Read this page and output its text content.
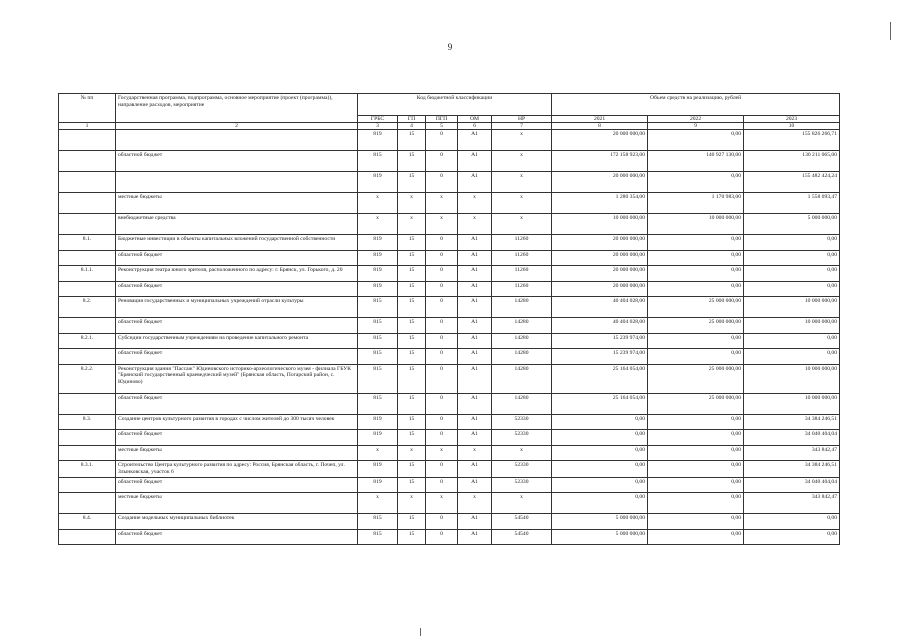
9
№ пп	Государственная программа, подпрограмма, основное мероприятие (проект (программа)), направление расходов, мероприятие	Код бюджетной классификации					Объем средств на реализацию, рублей		
		ГРБС	ГП	ПГП	ОМ	НР	2021	2022	2023
1	2	3	4	5	6	7	8	9	10
		819	15	0	A1	x	20 000 000,00	0,00	155 826 266,71
	областной бюджет	815	15	0	A1	x	172 158 923,00	140 927 130,00	130 211 065,00
		819	15	0	A1	x	20 000 000,00	0,00	155 482 424,24
	местные бюджеты	x	x	x	x	x	1 280 354,00	1 170 983,00	1 558 093,47
	внебюджетные средства	x	x	x	x	x	10 000 000,00	10 000 000,00	5 000 000,00
8.1.	Бюджетные инвестиции в объекты капитальных вложений государственной собственности	819	15	0	A1	11260	20 000 000,00	0,00	0,00
	областной бюджет	819	15	0	A1	11260	20 000 000,00	0,00	0,00
8.1.1.	Реконструкция театра юного зрителя, расположенного по адресу: г. Брянск, ул. Горького, д. 20	819	15	0	A1	11260	20 000 000,00	0,00	0,00
	областной бюджет	819	15	0	A1	11260	20 000 000,00	0,00	0,00
8.2.	Реновация государственных и муниципальных учреждений отрасли культуры	815	15	0	A1	14280	40 404 028,00	25 000 000,00	10 000 000,00
	областной бюджет	815	15	0	A1	14280	40 404 028,00	25 000 000,00	10 000 000,00
8.2.1.	Субсидии государственным учреждениям на проведение капитального ремонта	815	15	0	A1	14280	15 239 974,00	0,00	0,00
	областной бюджет	815	15	0	A1	14280	15 239 974,00	0,00	0,00
8.2.2.	Реконструкция здания "Пассаж" Юдиновского историко-археологического музея - филиала ГБУК "Брянский государственный краеведческий музей" (Брянская область, Погарский район, с. Юдиново)	815	15	0	A1	14280	25 164 054,00	25 000 000,00	10 000 000,00
	областной бюджет	815	15	0	A1	14280	25 164 054,00	25 000 000,00	10 000 000,00
8.3.	Создание центров культурного развития в городах с числом жителей до 300 тысяч человек	819	15	0	A1	52330	0,00	0,00	34 384 246,51
	областной бюджет	819	15	0	A1	52330	0,00	0,00	34 040 404,04
	местные бюджеты	x	x	x	x	x	0,00	0,00	343 842,47
8.3.1.	Строительство Центра культурного развития по адресу: Россия, Брянская область, г. Почеп, ул. Злынковская, участок 6	819	15	0	A1	52330	0,00	0,00	34 384 246,51
	областной бюджет	819	15	0	A1	52330	0,00	0,00	34 040 404,04
	местные бюджеты	x	x	x	x	x	0,00	0,00	343 842,47
8.4.	Создание модельных муниципальных библиотек	815	15	0	A1	54540	5 000 000,00	0,00	0,00
	областной бюджет	815	15	0	A1	54540	5 000 000,00	0,00	0,00
